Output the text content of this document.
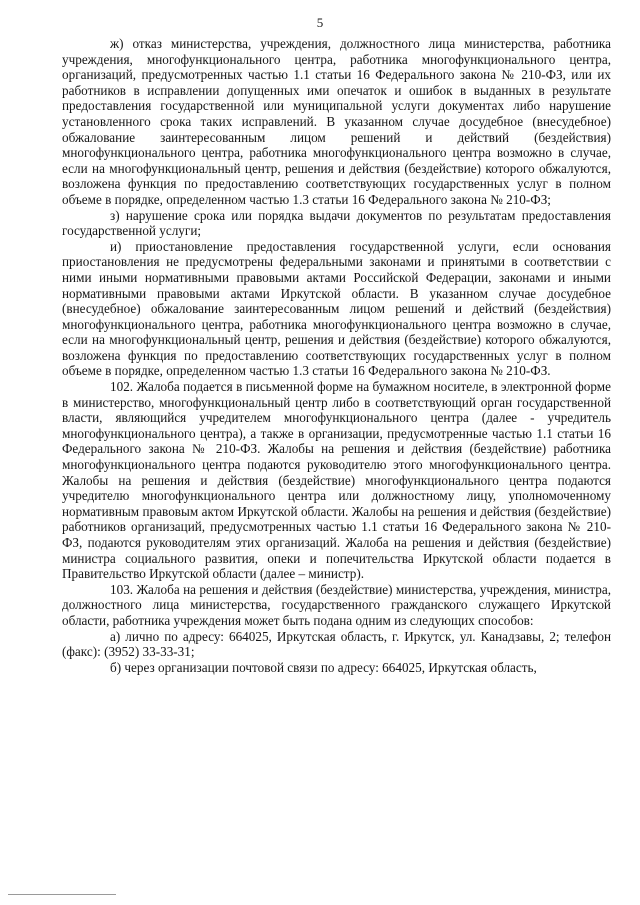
5

ж) отказ министерства, учреждения, должностного лица министерства, работника учреждения, многофункционального центра, работника многофункционального центра, организаций, предусмотренных частью 1.1 статьи 16 Федерального закона № 210-ФЗ, или их работников в исправлении допущенных ими опечаток и ошибок в выданных в результате предоставления государственной или муниципальной услуги документах либо нарушение установленного срока таких исправлений. В указанном случае досудебное (внесудебное) обжалование заинтересованным лицом решений и действий (бездействия) многофункционального центра, работника многофункционального центра возможно в случае, если на многофункциональный центр, решения и действия (бездействие) которого обжалуются, возложена функция по предоставлению соответствующих государственных услуг в полном объеме в порядке, определенном частью 1.3 статьи 16 Федерального закона № 210-ФЗ;

з) нарушение срока или порядка выдачи документов по результатам предоставления государственной услуги;

и) приостановление предоставления государственной услуги, если основания приостановления не предусмотрены федеральными законами и принятыми в соответствии с ними иными нормативными правовыми актами Российской Федерации, законами и иными нормативными правовыми актами Иркутской области. В указанном случае досудебное (внесудебное) обжалование заинтересованным лицом решений и действий (бездействия) многофункционального центра, работника многофункционального центра возможно в случае, если на многофункциональный центр, решения и действия (бездействие) которого обжалуются, возложена функция по предоставлению соответствующих государственных услуг в полном объеме в порядке, определенном частью 1.3 статьи 16 Федерального закона № 210-ФЗ.

102. Жалоба подается в письменной форме на бумажном носителе, в электронной форме в министерство, многофункциональный центр либо в соответствующий орган государственной власти, являющийся учредителем многофункционального центра (далее - учредитель многофункционального центра), а также в организации, предусмотренные частью 1.1 статьи 16 Федерального закона № 210-ФЗ. Жалобы на решения и действия (бездействие) работника многофункционального центра подаются руководителю этого многофункционального центра. Жалобы на решения и действия (бездействие) многофункционального центра подаются учредителю многофункционального центра или должностному лицу, уполномоченному нормативным правовым актом Иркутской области. Жалобы на решения и действия (бездействие) работников организаций, предусмотренных частью 1.1 статьи 16 Федерального закона № 210-ФЗ, подаются руководителям этих организаций. Жалоба на решения и действия (бездействие) министра социального развития, опеки и попечительства Иркутской области подается в Правительство Иркутской области (далее – министр).

103. Жалоба на решения и действия (бездействие) министерства, учреждения, министра, должностного лица министерства, государственного гражданского служащего Иркутской области, работника учреждения может быть подана одним из следующих способов:

а) лично по адресу: 664025, Иркутская область, г. Иркутск, ул. Канадзавы, 2; телефон (факс): (3952) 33-33-31;

б) через организации почтовой связи по адресу: 664025, Иркутская область,
